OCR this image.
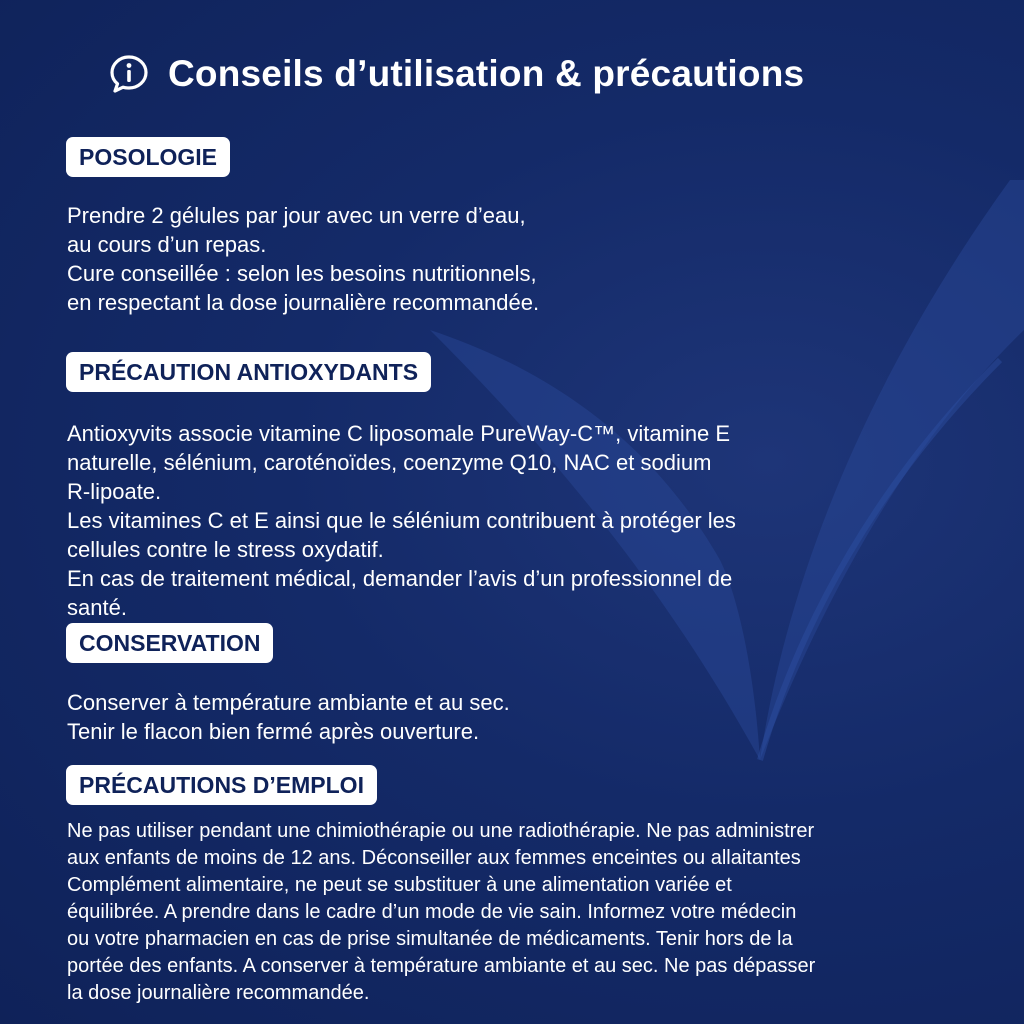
Conseils d’utilisation & précautions
POSOLOGIE
Prendre 2 gélules par jour avec un verre d’eau,
au cours d’un repas.
Cure conseillée : selon les besoins nutritionnels,
en respectant la dose journalière recommandée.
PRÉCAUTION ANTIOXYDANTS
Antioxyvits associe vitamine C liposomale PureWay-C™, vitamine E
naturelle, sélénium, caroténoïdes, coenzyme Q10, NAC et sodium
R-lipoate.
Les vitamines C et E ainsi que le sélénium contribuent à protéger les
cellules contre le stress oxydatif.
En cas de traitement médical, demander l’avis d’un professionnel de
santé.
CONSERVATION
Conserver à température ambiante et au sec.
Tenir le flacon bien fermé après ouverture.
PRÉCAUTIONS D’EMPLOI
Ne pas utiliser pendant une chimiothérapie ou une radiothérapie. Ne pas administrer
aux enfants de moins de 12 ans. Déconseiller aux femmes enceintes ou allaitantes
Complément alimentaire, ne peut se substituer à une alimentation variée et
équilibrée. A prendre dans le cadre d’un mode de vie sain. Informez votre médecin
ou votre pharmacien en cas de prise simultanée de médicaments. Tenir hors de la
portée des enfants. A conserver à température ambiante et au sec. Ne pas dépasser
la dose journalière recommandée.
